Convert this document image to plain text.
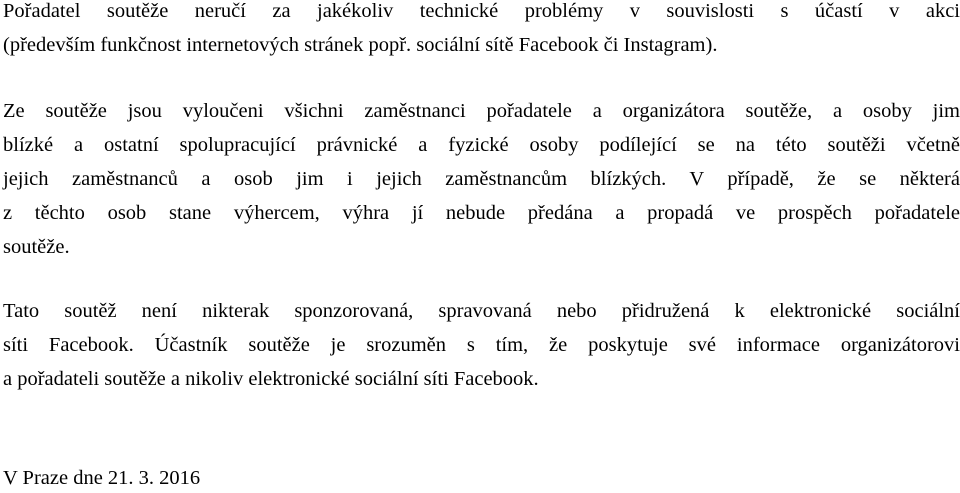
Pořadatel soutěže neručí za jakékoliv technické problémy v souvislosti s účastí v akci
(především funkčnost internetových stránek popř. sociální sítě Facebook či Instagram).
Ze soutěže jsou vyloučeni všichni zaměstnanci pořadatele a organizátora soutěže, a osoby jim
blízké a ostatní spolupracující právnické a fyzické osoby podílející se na této soutěži včetně
jejich zaměstnanců a osob jim i jejich zaměstnancům blízkých. V případě, že se některá
z těchto osob stane výhercem, výhra jí nebude předána a propadá ve prospěch pořadatele
soutěže.
Tato soutěž není nikterak sponzorovaná, spravovaná nebo přidružená k elektronické sociální
síti Facebook. Účastník soutěže je srozuměn s tím, že poskytuje své informace organizátorovi
a pořadateli soutěže a nikoliv elektronické sociální síti Facebook.
V Praze dne 21. 3. 2016
